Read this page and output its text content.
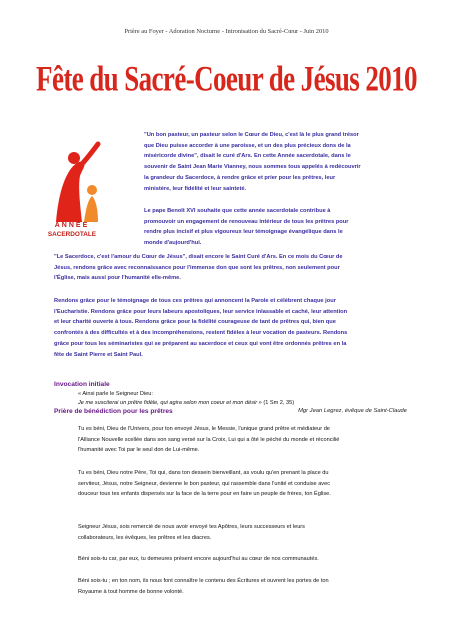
Prière au Foyer - Adoration Nocturne - Intronisation du Sacré-Cœur - Juin 2010
Fête du Sacré-Coeur de Jésus 2010
ANNÉE
SACERDOTALE
"Un bon pasteur, un pasteur selon le Cœur de Dieu, c'est là le plus grand trésor
que Dieu puisse accorder à une paroisse, et un des plus précieux dons de la
miséricorde divine", disait le curé d'Ars. En cette Année sacerdotale, dans le
souvenir de Saint Jean Marie Vianney, nous sommes tous appelés à redécouvrir
la grandeur du Sacerdoce, à rendre grâce et prier pour les prêtres, leur
ministère, leur fidélité et leur sainteté.
Le pape Benoît XVI souhaite que cette année sacerdotale contribue à
promouvoir un engagement de renouveau intérieur de tous les prêtres pour
rendre plus incisif et plus vigoureux leur témoignage évangélique dans le
monde d'aujourd'hui.
"Le Sacerdoce, c'est l'amour du Cœur de Jésus", disait encore le Saint Curé d'Ars. En ce mois du Cœur de
Jésus, rendons grâce avec reconnaissance pour l'immense don que sont les prêtres, non seulement pour
l'Église, mais aussi pour l'humanité elle-même.
Rendons grâce pour le témoignage de tous ces prêtres qui annoncent la Parole et célèbrent chaque jour
l'Eucharistie. Rendons grâce pour leurs labeurs apostoliques, leur service inlassable et caché, leur attention
et leur charité ouverte à tous. Rendons grâce pour la fidélité courageuse de tant de prêtres qui, bien que
confrontés à des difficultés et à des incompréhensions, restent fidèles à leur vocation de pasteurs. Rendons
grâce pour tous les séminaristes qui se préparent au sacerdoce et ceux qui vont être ordonnés prêtres en la
fête de Saint Pierre et Saint Paul.
Invocation initiale
« Ainsi parle le Seigneur Dieu:
Je me susciterai un prêtre fidèle, qui agira selon mon coeur et mon désir » (1 Sm 2, 35)
Prière de bénédiction pour les prêtres	Mgr Jean Legrez, évêque de Saint-Claude
Tu es béni, Dieu de l'Univers, pour ton envoyé Jésus, le Messie, l'unique grand prêtre et médiateur de
l'Alliance Nouvelle scellée dans son sang versé sur la Croix, Lui qui a ôté le péché du monde et réconcilié
l'humanité avec Toi par le seul don de Lui-même.
Tu es béni, Dieu notre Père, Toi qui, dans ton dessein bienveillant, as voulu qu'en prenant la place du
serviteur, Jésus, notre Seigneur, devienne le bon pasteur, qui rassemble dans l'unité et conduise avec
douceur tous tes enfants dispersés sur la face de la terre pour en faire un peuple de frères, ton Église.
Seigneur Jésus, sois remercié de nous avoir envoyé tes Apôtres, leurs successeurs et leurs
collaborateurs, les évêques, les prêtres et les diacres.
Béni sois-tu car, par eux, tu demeures présent encore aujourd'hui au cœur de nos communautés.
Béni sois-tu ; en ton nom, ils nous font connaître le contenu des Écritures et ouvrent les portes de ton
Royaume à tout homme de bonne volonté.
